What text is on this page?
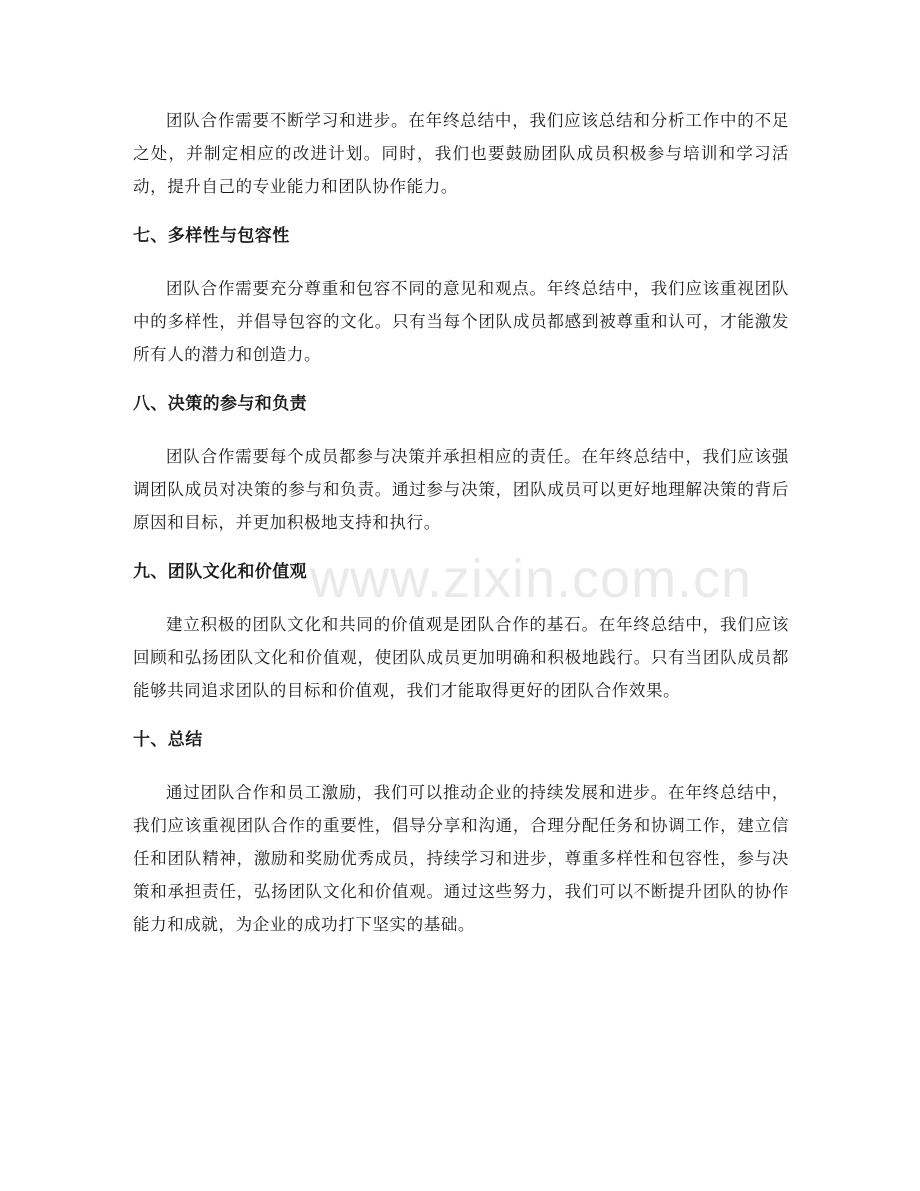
团队合作需要不断学习和进步。在年终总结中，我们应该总结和分析工作中的不足之处，并制定相应的改进计划。同时，我们也要鼓励团队成员积极参与培训和学习活动，提升自己的专业能力和团队协作能力。

七、多样性与包容性

团队合作需要充分尊重和包容不同的意见和观点。年终总结中，我们应该重视团队中的多样性，并倡导包容的文化。只有当每个团队成员都感到被尊重和认可，才能激发所有人的潜力和创造力。

八、决策的参与和负责

团队合作需要每个成员都参与决策并承担相应的责任。在年终总结中，我们应该强调团队成员对决策的参与和负责。通过参与决策，团队成员可以更好地理解决策的背后原因和目标，并更加积极地支持和执行。

九、团队文化和价值观

建立积极的团队文化和共同的价值观是团队合作的基石。在年终总结中，我们应该回顾和弘扬团队文化和价值观，使团队成员更加明确和积极地践行。只有当团队成员都能够共同追求团队的目标和价值观，我们才能取得更好的团队合作效果。

十、总结

通过团队合作和员工激励，我们可以推动企业的持续发展和进步。在年终总结中，我们应该重视团队合作的重要性，倡导分享和沟通，合理分配任务和协调工作，建立信任和团队精神，激励和奖励优秀成员，持续学习和进步，尊重多样性和包容性，参与决策和承担责任，弘扬团队文化和价值观。通过这些努力，我们可以不断提升团队的协作能力和成就，为企业的成功打下坚实的基础。

www.zixin.com.cn
